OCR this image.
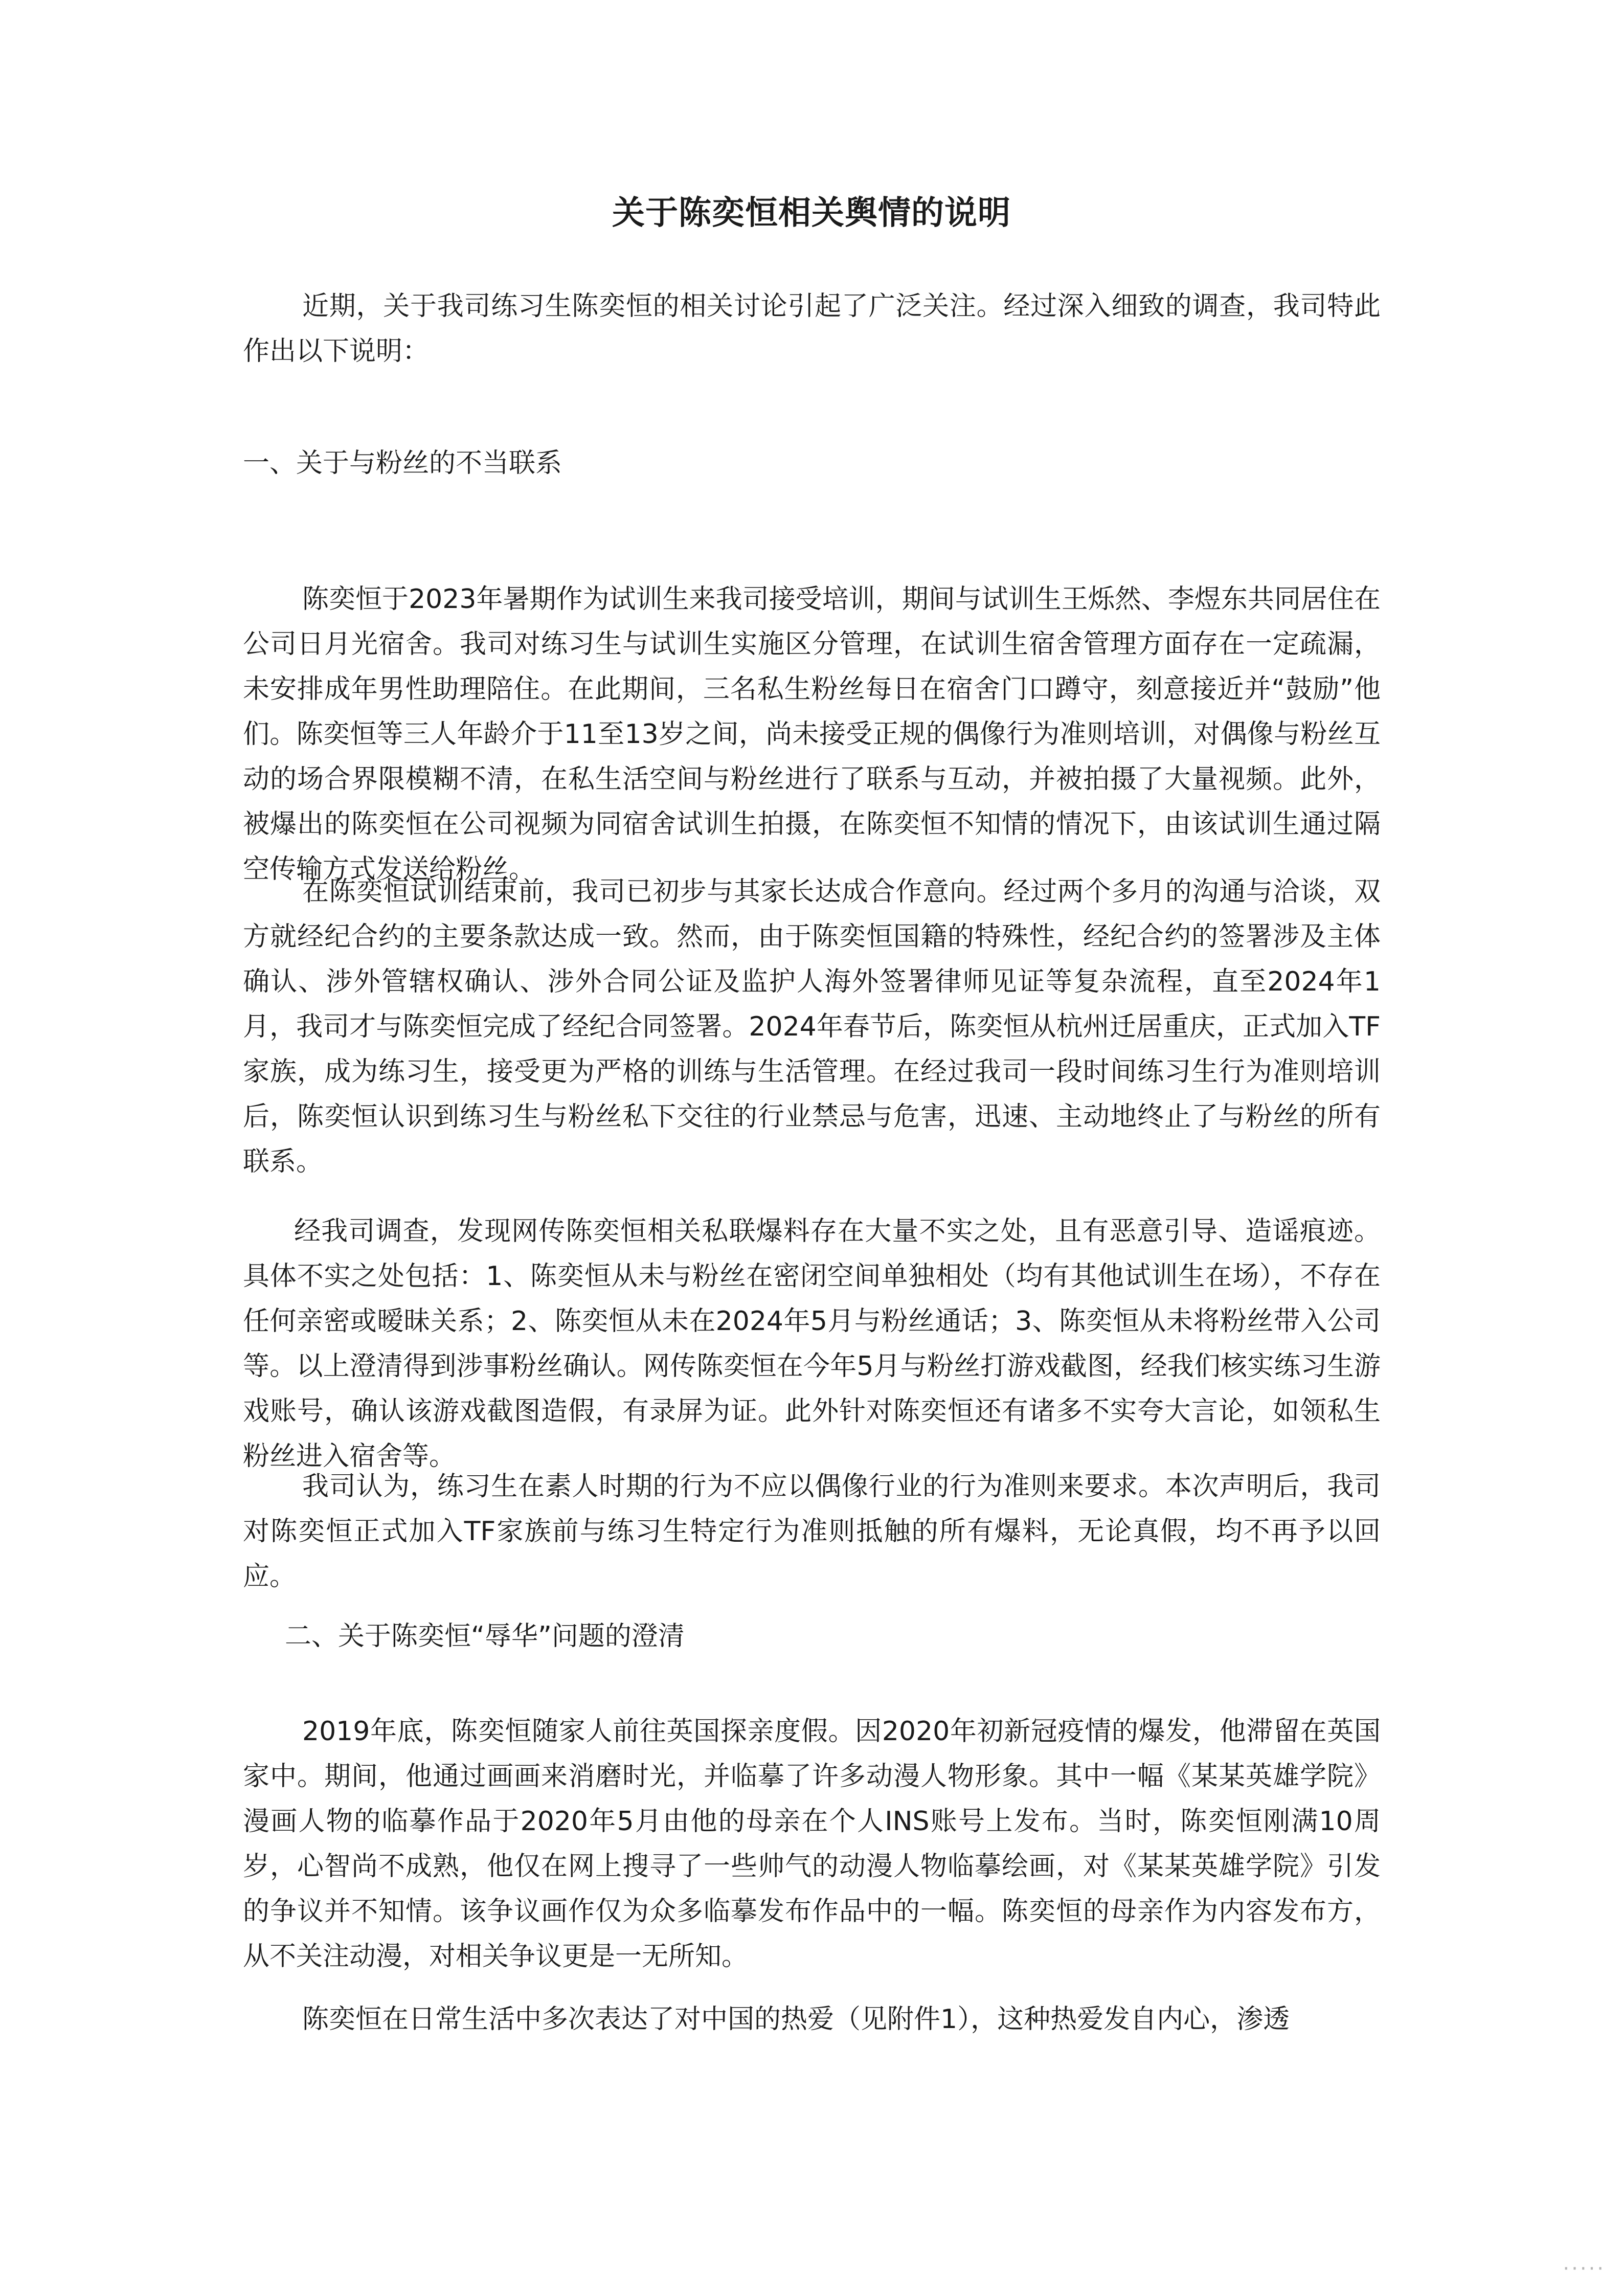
关于陈奕恒相关舆情的说明

近期，关于我司练习生陈奕恒的相关讨论引起了广泛关注。经过深入细致的调查，我司特此作出以下说明：

一、关于与粉丝的不当联系

陈奕恒于2023年暑期作为试训生来我司接受培训，期间与试训生王烁然、李煜东共同居住在公司日月光宿舍。我司对练习生与试训生实施区分管理，在试训生宿舍管理方面存在一定疏漏，未安排成年男性助理陪住。在此期间，三名私生粉丝每日在宿舍门口蹲守，刻意接近并“鼓励”他们。陈奕恒等三人年龄介于11至13岁之间，尚未接受正规的偶像行为准则培训，对偶像与粉丝互动的场合界限模糊不清，在私生活空间与粉丝进行了联系与互动，并被拍摄了大量视频。此外，被爆出的陈奕恒在公司视频为同宿舍试训生拍摄，在陈奕恒不知情的情况下，由该试训生通过隔空传输方式发送给粉丝。

在陈奕恒试训结束前，我司已初步与其家长达成合作意向。经过两个多月的沟通与洽谈，双方就经纪合约的主要条款达成一致。然而，由于陈奕恒国籍的特殊性，经纪合约的签署涉及主体确认、涉外管辖权确认、涉外合同公证及监护人海外签署律师见证等复杂流程，直至2024年1月，我司才与陈奕恒完成了经纪合同签署。2024年春节后，陈奕恒从杭州迁居重庆，正式加入TF家族，成为练习生，接受更为严格的训练与生活管理。在经过我司一段时间练习生行为准则培训后，陈奕恒认识到练习生与粉丝私下交往的行业禁忌与危害，迅速、主动地终止了与粉丝的所有联系。

经我司调查，发现网传陈奕恒相关私联爆料存在大量不实之处，且有恶意引导、造谣痕迹。具体不实之处包括：1、陈奕恒从未与粉丝在密闭空间单独相处（均有其他试训生在场），不存在任何亲密或暧昧关系；2、陈奕恒从未在2024年5月与粉丝通话；3、陈奕恒从未将粉丝带入公司等。以上澄清得到涉事粉丝确认。网传陈奕恒在今年5月与粉丝打游戏截图，经我们核实练习生游戏账号，确认该游戏截图造假，有录屏为证。此外针对陈奕恒还有诸多不实夸大言论，如领私生粉丝进入宿舍等。

我司认为，练习生在素人时期的行为不应以偶像行业的行为准则来要求。本次声明后，我司对陈奕恒正式加入TF家族前与练习生特定行为准则抵触的所有爆料，无论真假，均不再予以回应。

二、关于陈奕恒“辱华”问题的澄清

2019年底，陈奕恒随家人前往英国探亲度假。因2020年初新冠疫情的爆发，他滞留在英国家中。期间，他通过画画来消磨时光，并临摹了许多动漫人物形象。其中一幅《某某英雄学院》漫画人物的临摹作品于2020年5月由他的母亲在个人INS账号上发布。当时，陈奕恒刚满10周岁，心智尚不成熟，他仅在网上搜寻了一些帅气的动漫人物临摹绘画，对《某某英雄学院》引发的争议并不知情。该争议画作仅为众多临摹发布作品中的一幅。陈奕恒的母亲作为内容发布方，从不关注动漫，对相关争议更是一无所知。

陈奕恒在日常生活中多次表达了对中国的热爱（见附件1），这种热爱发自内心，渗透

·····
